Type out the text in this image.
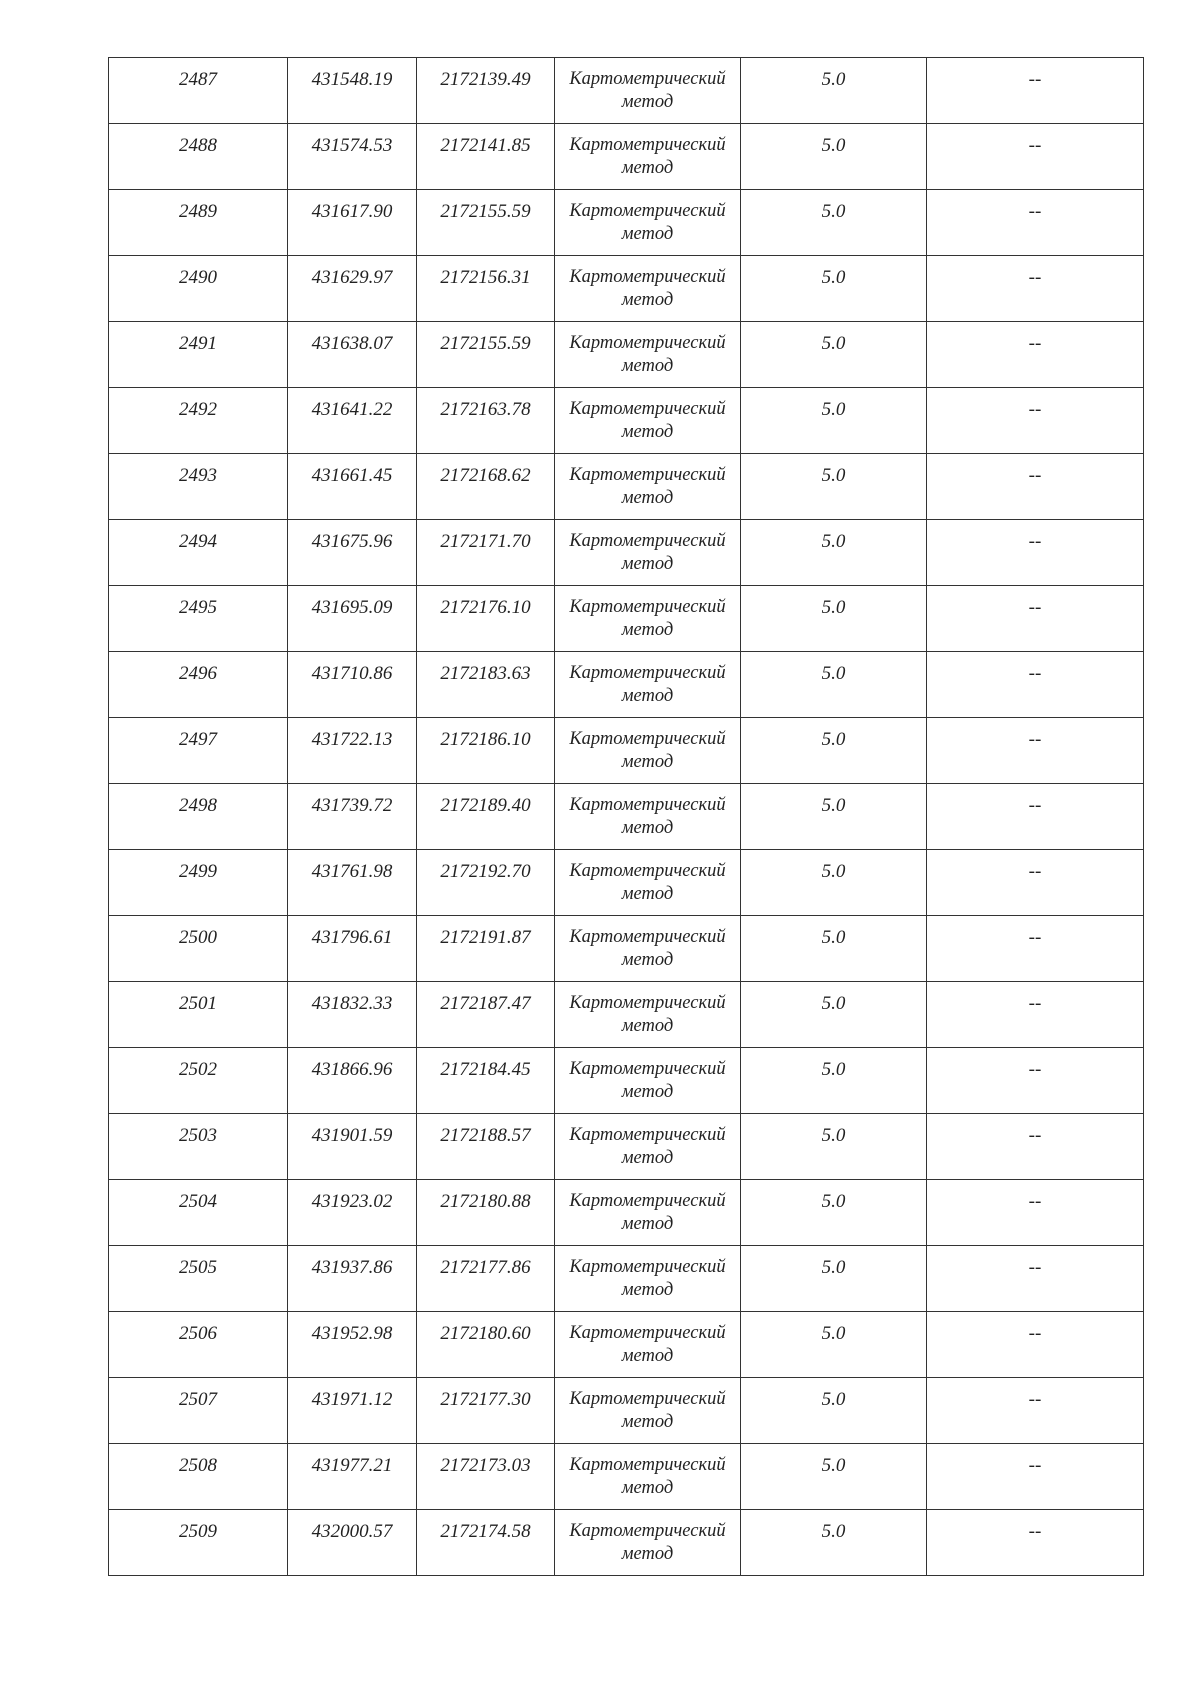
2487	431548.19	2172139.49	Картометрический
метод	5.0	--
2488	431574.53	2172141.85	Картометрический
метод	5.0	--
2489	431617.90	2172155.59	Картометрический
метод	5.0	--
2490	431629.97	2172156.31	Картометрический
метод	5.0	--
2491	431638.07	2172155.59	Картометрический
метод	5.0	--
2492	431641.22	2172163.78	Картометрический
метод	5.0	--
2493	431661.45	2172168.62	Картометрический
метод	5.0	--
2494	431675.96	2172171.70	Картометрический
метод	5.0	--
2495	431695.09	2172176.10	Картометрический
метод	5.0	--
2496	431710.86	2172183.63	Картометрический
метод	5.0	--
2497	431722.13	2172186.10	Картометрический
метод	5.0	--
2498	431739.72	2172189.40	Картометрический
метод	5.0	--
2499	431761.98	2172192.70	Картометрический
метод	5.0	--
2500	431796.61	2172191.87	Картометрический
метод	5.0	--
2501	431832.33	2172187.47	Картометрический
метод	5.0	--
2502	431866.96	2172184.45	Картометрический
метод	5.0	--
2503	431901.59	2172188.57	Картометрический
метод	5.0	--
2504	431923.02	2172180.88	Картометрический
метод	5.0	--
2505	431937.86	2172177.86	Картометрический
метод	5.0	--
2506	431952.98	2172180.60	Картометрический
метод	5.0	--
2507	431971.12	2172177.30	Картометрический
метод	5.0	--
2508	431977.21	2172173.03	Картометрический
метод	5.0	--
2509	432000.57	2172174.58	Картометрический
метод	5.0	--
